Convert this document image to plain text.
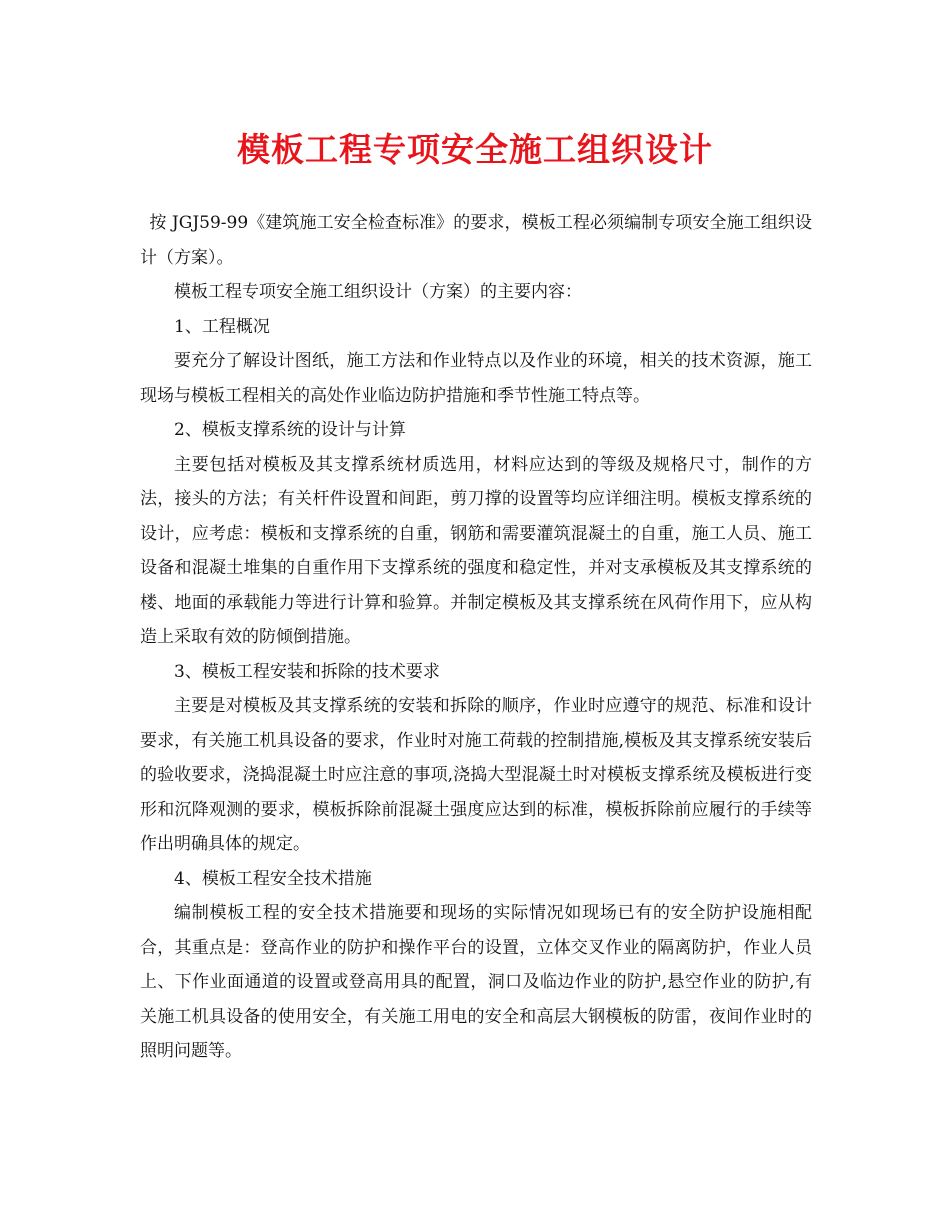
模板工程专项安全施工组织设计

按 JGJ59-99《建筑施工安全检查标准》的要求，模板工程必须编制专项安全施工组织设计（方案）。

模板工程专项安全施工组织设计（方案）的主要内容：

1、工程概况

要充分了解设计图纸，施工方法和作业特点以及作业的环境，相关的技术资源，施工现场与模板工程相关的高处作业临边防护措施和季节性施工特点等。

2、模板支撑系统的设计与计算

主要包括对模板及其支撑系统材质选用，材料应达到的等级及规格尺寸，制作的方法，接头的方法；有关杆件设置和间距，剪刀撑的设置等均应详细注明。模板支撑系统的设计，应考虑：模板和支撑系统的自重，钢筋和需要灌筑混凝土的自重，施工人员、施工设备和混凝土堆集的自重作用下支撑系统的强度和稳定性，并对支承模板及其支撑系统的楼、地面的承载能力等进行计算和验算。并制定模板及其支撑系统在风荷作用下，应从构造上采取有效的防倾倒措施。

3、模板工程安装和拆除的技术要求

主要是对模板及其支撑系统的安装和拆除的顺序，作业时应遵守的规范、标准和设计要求，有关施工机具设备的要求，作业时对施工荷载的控制措施,模板及其支撑系统安装后的验收要求，浇捣混凝土时应注意的事项,浇捣大型混凝土时对模板支撑系统及模板进行变形和沉降观测的要求，模板拆除前混凝土强度应达到的标准，模板拆除前应履行的手续等作出明确具体的规定。

4、模板工程安全技术措施

编制模板工程的安全技术措施要和现场的实际情况如现场已有的安全防护设施相配合，其重点是：登高作业的防护和操作平台的设置，立体交叉作业的隔离防护，作业人员上、下作业面通道的设置或登高用具的配置，洞口及临边作业的防护,悬空作业的防护,有关施工机具设备的使用安全，有关施工用电的安全和高层大钢模板的防雷，夜间作业时的照明问题等。
